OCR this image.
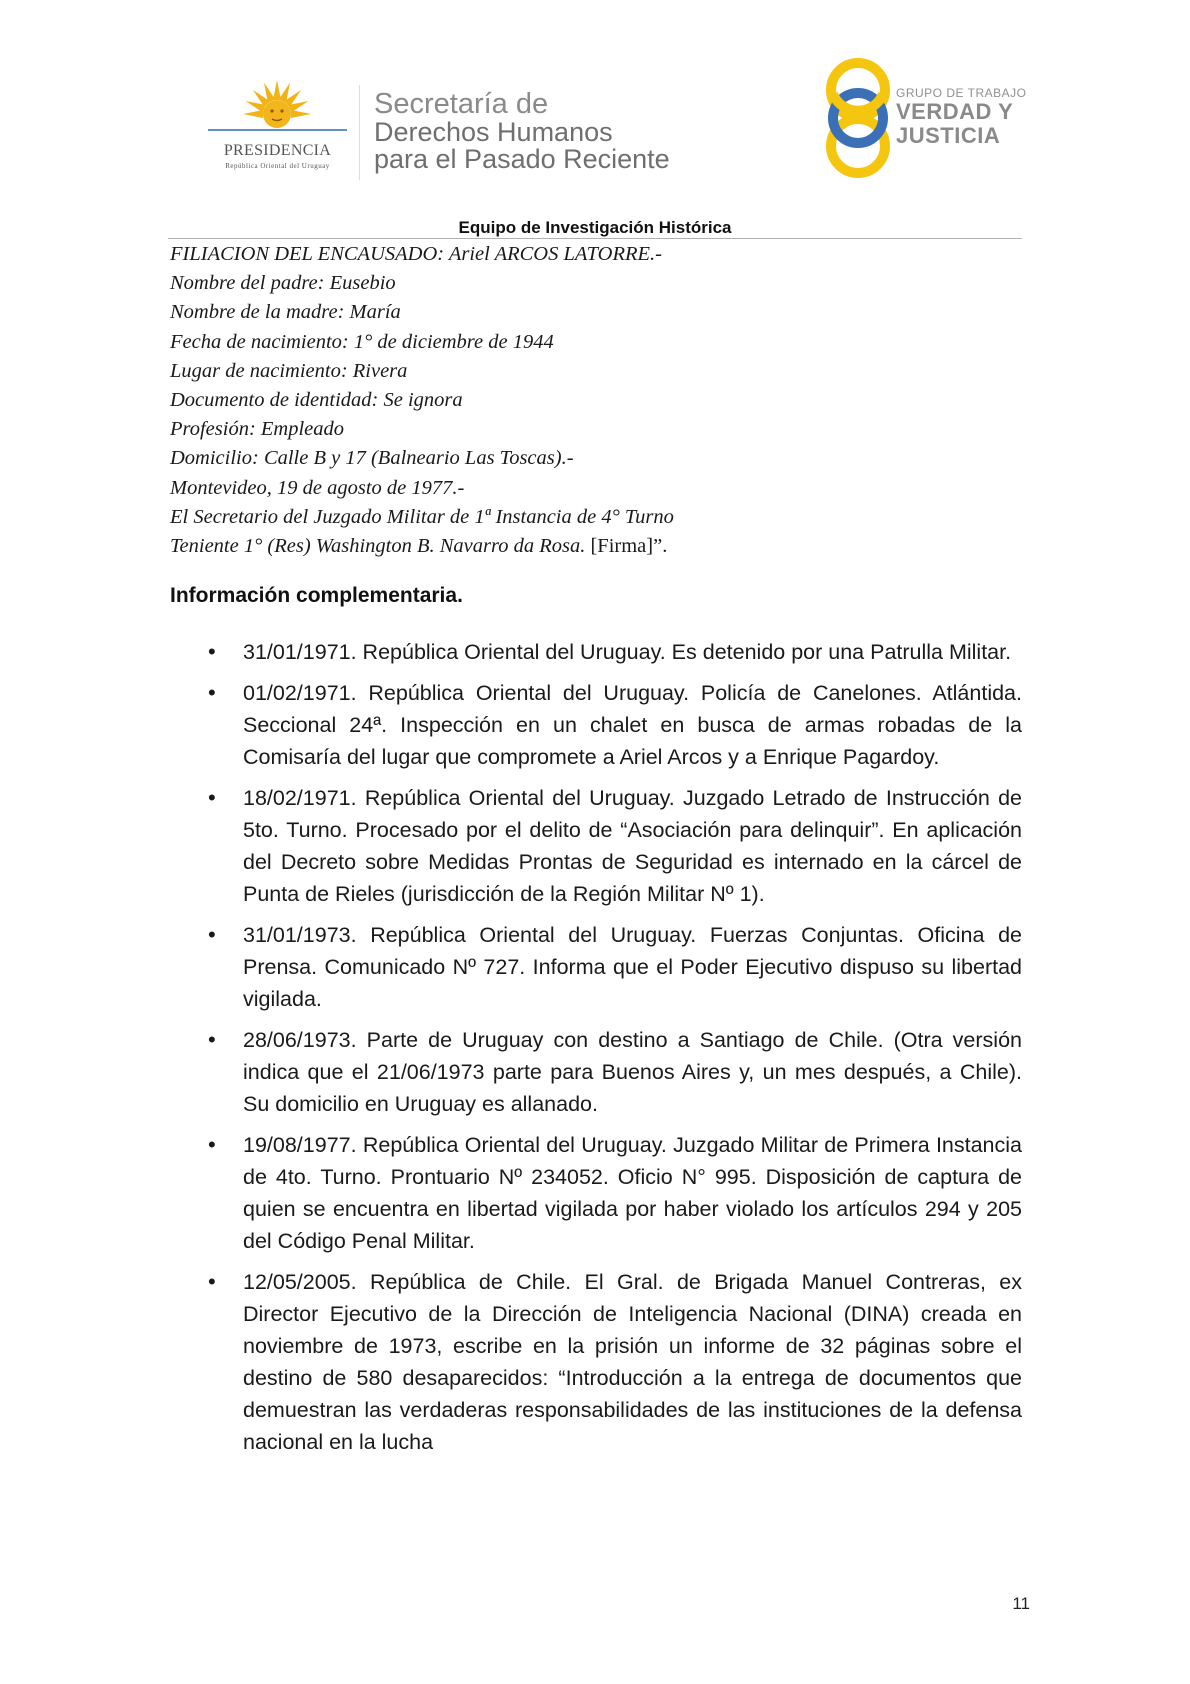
PRESIDENCIA
República Oriental del Uruguay
Secretaría de
Derechos Humanos
para el Pasado Reciente
GRUPO DE TRABAJO
VERDAD Y
JUSTICIA
Equipo de Investigación Histórica
FILIACION DEL ENCAUSADO: Ariel ARCOS LATORRE.-
Nombre del padre: Eusebio
Nombre de la madre: María
Fecha de nacimiento: 1° de diciembre de 1944
Lugar de nacimiento: Rivera
Documento de identidad: Se ignora
Profesión: Empleado
Domicilio: Calle B y 17 (Balneario Las Toscas).-
Montevideo, 19 de agosto de 1977.-
El Secretario del Juzgado Militar de 1ª Instancia de 4° Turno
Teniente 1° (Res) Washington B. Navarro da Rosa. [Firma]”.
Información complementaria.
• 31/01/1971. República Oriental del Uruguay. Es detenido por una Patrulla Militar.
• 01/02/1971. República Oriental del Uruguay. Policía de Canelones. Atlántida. Seccional 24ª. Inspección en un chalet en busca de armas robadas de la Comisaría del lugar que compromete a Ariel Arcos y a Enrique Pagardoy.
• 18/02/1971. República Oriental del Uruguay. Juzgado Letrado de Instrucción de 5to. Turno. Procesado por el delito de “Asociación para delinquir”. En aplicación del Decreto sobre Medidas Prontas de Seguridad es internado en la cárcel de Punta de Rieles (jurisdicción de la Región Militar Nº 1).
• 31/01/1973. República Oriental del Uruguay. Fuerzas Conjuntas. Oficina de Prensa. Comunicado Nº 727. Informa que el Poder Ejecutivo dispuso su libertad vigilada.
• 28/06/1973. Parte de Uruguay con destino a Santiago de Chile. (Otra versión indica que el 21/06/1973 parte para Buenos Aires y, un mes después, a Chile). Su domicilio en Uruguay es allanado.
• 19/08/1977. República Oriental del Uruguay. Juzgado Militar de Primera Instancia de 4to. Turno. Prontuario Nº 234052. Oficio N° 995. Disposición de captura de quien se encuentra en libertad vigilada por haber violado los artículos 294 y 205 del Código Penal Militar.
• 12/05/2005. República de Chile. El Gral. de Brigada Manuel Contreras, ex Director Ejecutivo de la Dirección de Inteligencia Nacional (DINA) creada en noviembre de 1973, escribe en la prisión un informe de 32 páginas sobre el destino de 580 desaparecidos: “Introducción a la entrega de documentos que demuestran las verdaderas responsabilidades de las instituciones de la defensa nacional en la lucha
11
